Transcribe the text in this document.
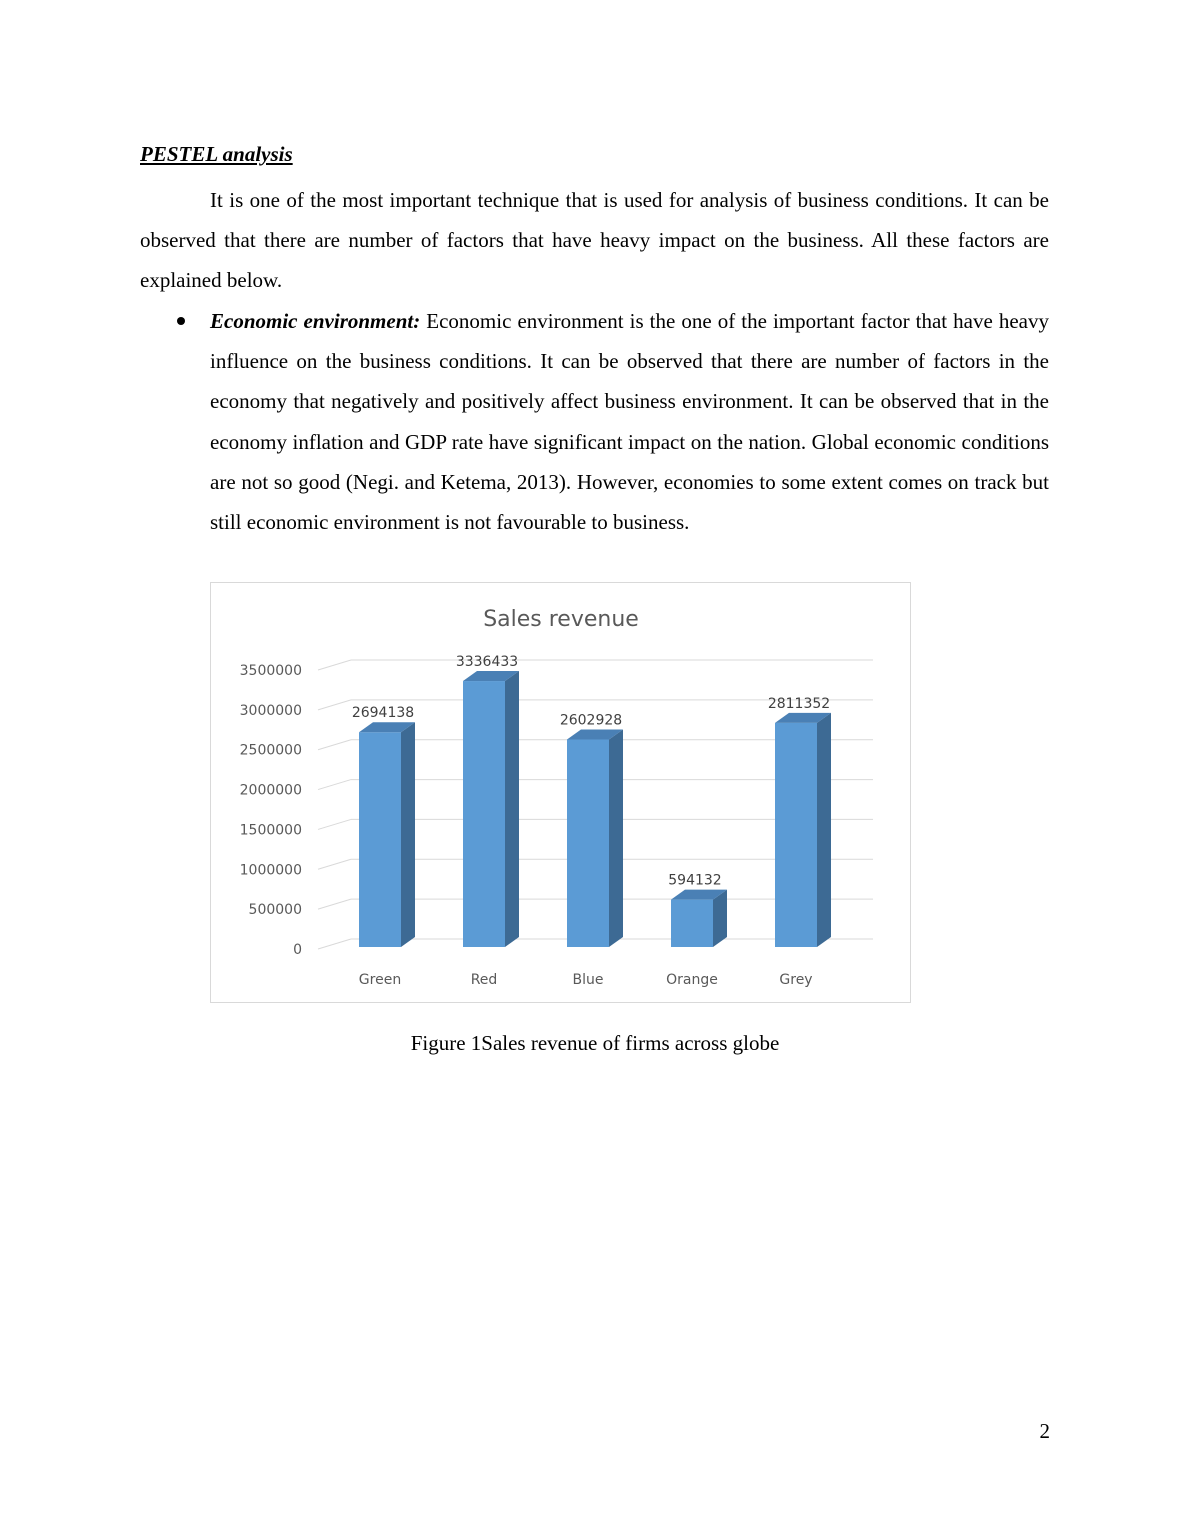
PESTEL analysis

It is one of the most important technique that is used for analysis of business conditions. It can be observed that there are number of factors that have heavy impact on the business. All these factors are explained below.

Economic environment: Economic environment is the one of the important factor that have heavy influence on the business conditions. It can be observed that there are number of factors in the economy that negatively and positively affect business environment. It can be observed that in the economy inflation and GDP rate have significant impact on the nation. Global economic conditions are not so good (Negi. and Ketema, 2013). However, economies to some extent comes on track but still economic environment is not favourable to business.
Sales revenue
0
500000
1000000
1500000
2000000
2500000
3000000
3500000
2694138
3336433
2602928
594132
2811352
Green	Red	Blue	Orange	Grey
Figure 1Sales revenue of firms across globe
2
